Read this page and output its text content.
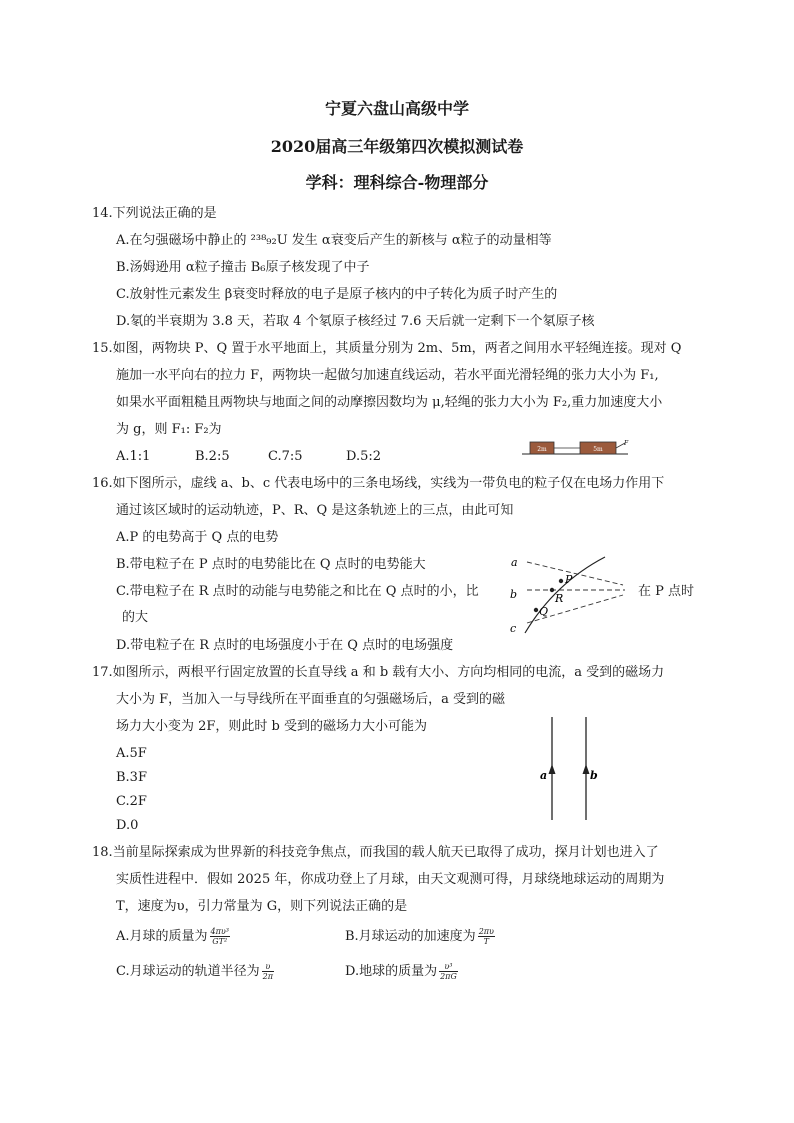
宁夏六盘山高级中学
2020届高三年级第四次模拟测试卷
学科：理科综合-物理部分
14.下列说法正确的是
A.在匀强磁场中静止的 ²³⁸₉₂U 发生 α衰变后产生的新核与 α粒子的动量相等
B.汤姆逊用 α粒子撞击 B₆原子核发现了中子
C.放射性元素发生 β衰变时释放的电子是原子核内的中子转化为质子时产生的
D.氡的半衰期为 3.8 天，若取 4 个氡原子核经过 7.6 天后就一定剩下一个氡原子核
15.如图，两物块 P、Q 置于水平地面上，其质量分别为 2m、5m，两者之间用水平轻绳连接。现对 Q
施加一水平向右的拉力 F，两物块一起做匀加速直线运动，若水平面光滑轻绳的张力大小为 F₁,
如果水平面粗糙且两物块与地面之间的动摩擦因数均为 μ,轻绳的张力大小为 F₂,重力加速度大小
为 g，则 F₁: F₂为
A.1:1	B.2:5	C.7:5	D.5:2	2m	5m
F
16.如下图所示，虚线 a、b、c 代表电场中的三条电场线，实线为一带负电的粒子仅在电场力作用下
通过该区域时的运动轨迹，P、R、Q 是这条轨迹上的三点，由此可知
A.P 的电势高于 Q 点的电势
B.带电粒子在 P 点时的电势能比在 Q 点时的电势能大
C.带电粒子在 R 点时的动能与电势能之和比在 Q 点时的小，比	在 P 点时
的大
D.带电粒子在 R 点时的电场强度小于在 Q 点时的电场强度
a
b
c
P
R
Q
17.如图所示，两根平行固定放置的长直导线 a 和 b 载有大小、方向均相同的电流，a 受到的磁场力
大小为 F，当加入一与导线所在平面垂直的匀强磁场后，a 受到的磁
场力大小变为 2F，则此时 b 受到的磁场力大小可能为
A.5F
B.3F
C.2F
D.0
a	b
18.当前星际探索成为世界新的科技竞争焦点，而我国的载人航天已取得了成功，探月计划也进入了
实质性进程中．假如 2025 年，你成功登上了月球，由天文观测可得，月球绕地球运动的周期为
T，速度为υ，引力常量为 G，则下列说法正确的是
A.月球的质量为 $\frac{\text{4πυ³}}{\text{GT²}}$	B.月球运动的加速度为 $\frac{2\pi\upsilon}{T}$
C.月球运动的轨道半径为 $\frac{\upsilon}{2\pi}$	D.地球的质量为 $\frac{\text{υ³}}{2\pi G}$
